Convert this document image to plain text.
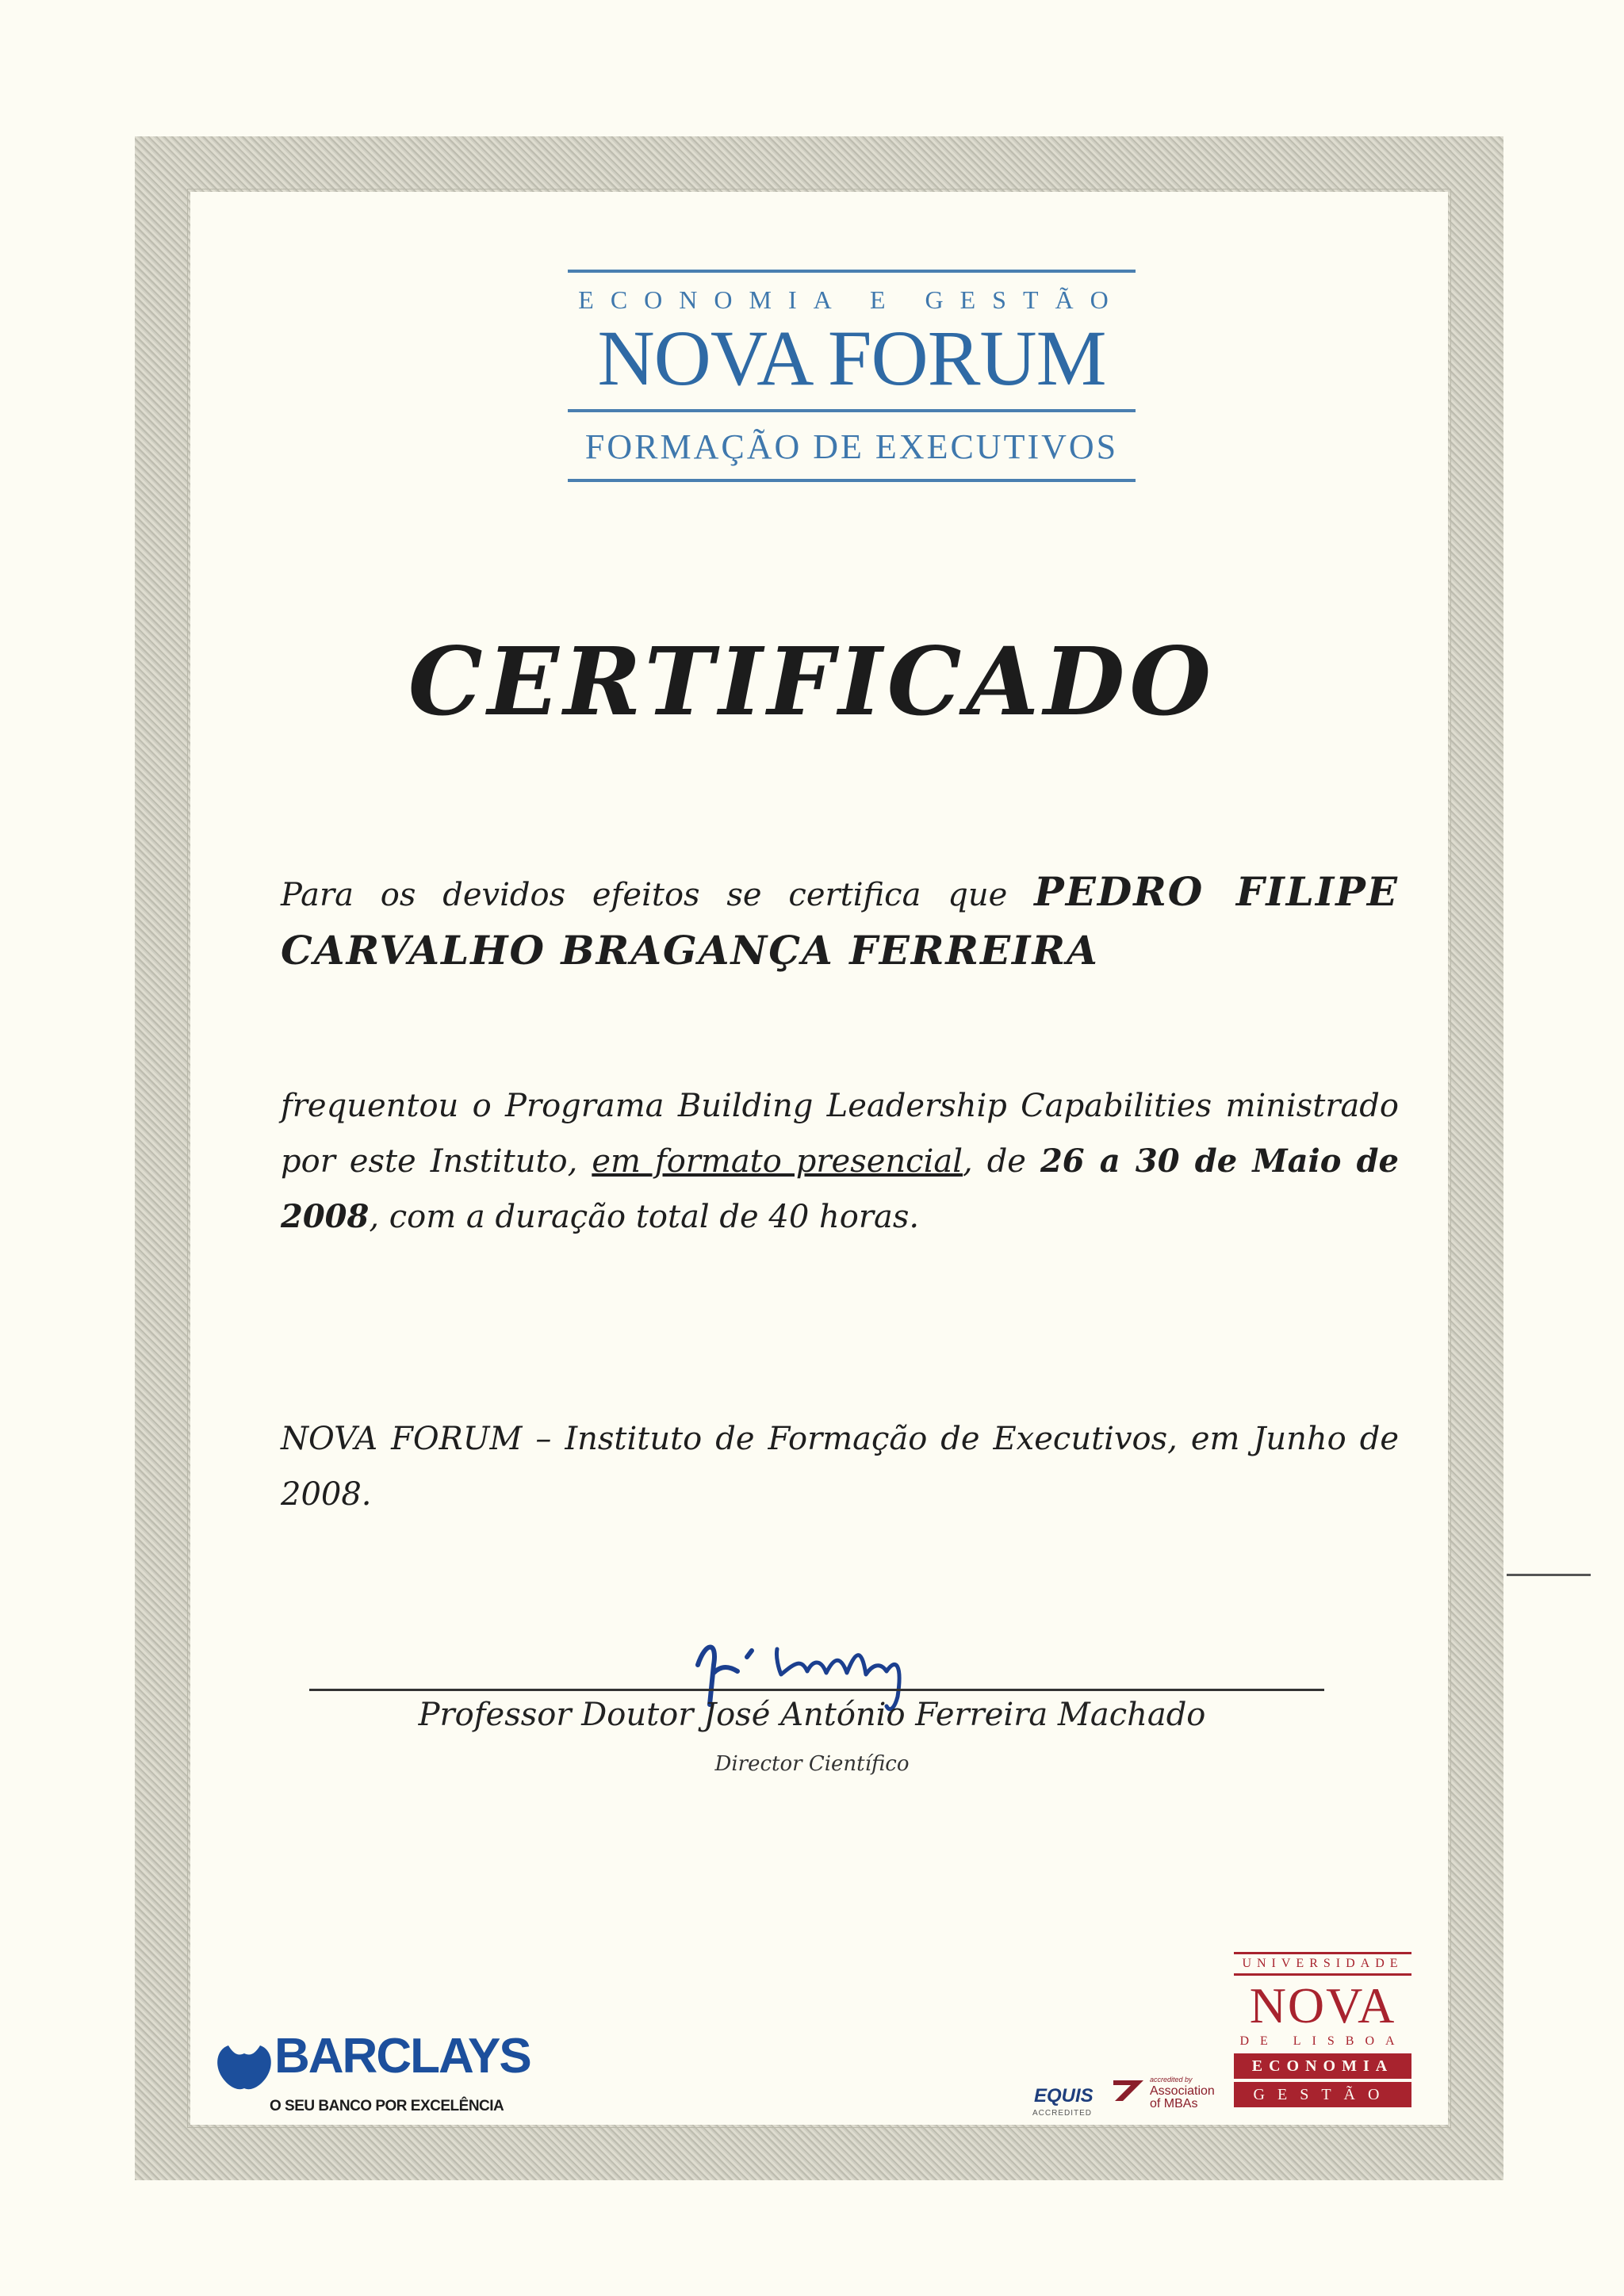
ECONOMIA E GESTÃO
NOVA FORUM
FORMAÇÃO DE EXECUTIVOS
CERTIFICADO
Para os devidos efeitos se certifica que PEDRO FILIPE CARVALHO BRAGANÇA FERREIRA
frequentou o Programa Building Leadership Capabilities ministrado por este Instituto, em formato presencial, de 26 a 30 de Maio de 2008, com a duração total de 40 horas.
NOVA FORUM – Instituto de Formação de Executivos, em Junho de 2008.
Professor Doutor José António Ferreira Machado
Director Científico
BARCLAYS
O SEU BANCO POR EXCELÊNCIA	EQUIS
ACCREDITED
accredited by
Association of MBAs
UNIVERSIDADE
NOVA
DE LISBOA
ECONOMIA
GESTÃO
